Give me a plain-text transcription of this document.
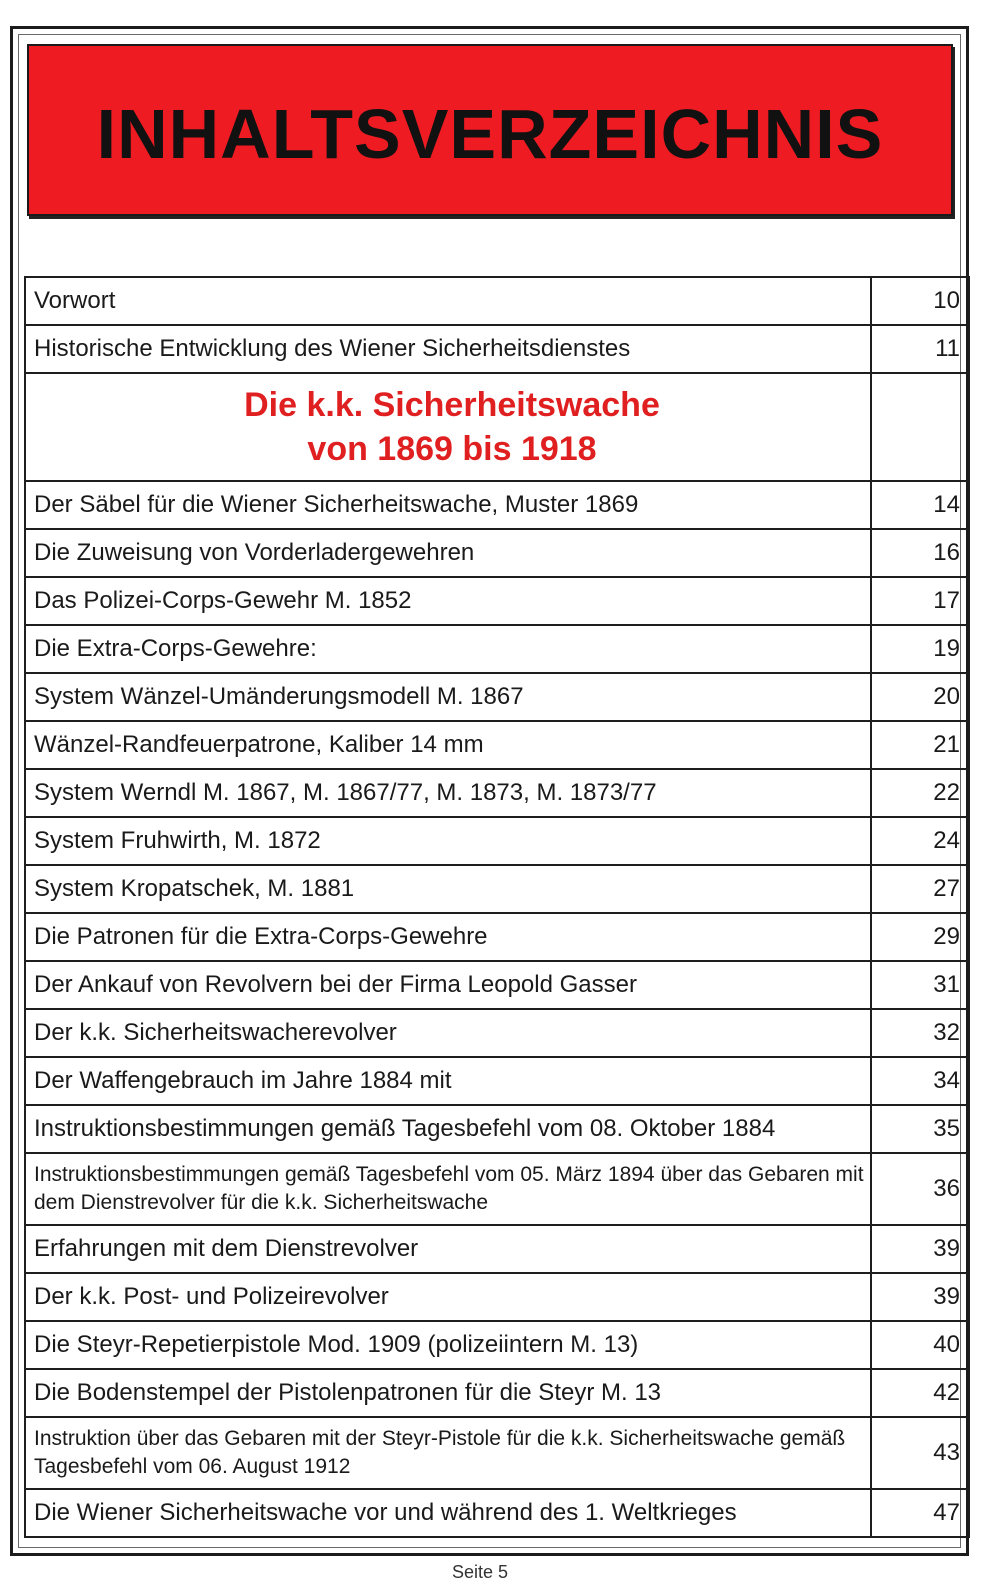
INHALTSVERZEICHNIS
Vorwort	10
Historische Entwicklung des Wiener Sicherheitsdienstes	11

Die k.k. Sicherheitswache
von 1869 bis 1918	

Der Säbel für die Wiener Sicherheitswache, Muster 1869	14
Die Zuweisung von Vorderladergewehren	16
Das Polizei-Corps-Gewehr M. 1852	17
Die Extra-Corps-Gewehre:	19
System Wänzel-Umänderungsmodell M. 1867	20
Wänzel-Randfeuerpatrone, Kaliber 14 mm	21
System Werndl M. 1867, M. 1867/77, M. 1873, M. 1873/77	22
System Fruhwirth, M. 1872	24
System Kropatschek, M. 1881	27
Die Patronen für die Extra-Corps-Gewehre	29
Der Ankauf von Revolvern bei der Firma Leopold Gasser	31
Der k.k. Sicherheitswacherevolver	32
Der Waffengebrauch im Jahre 1884 mit	34
Instruktionsbestimmungen gemäß Tagesbefehl vom 08. Oktober 1884	35
Instruktionsbestimmungen gemäß Tagesbefehl vom 05. März 1894 über das Gebaren mit dem Dienstrevolver für die k.k. Sicherheitswache	36
Erfahrungen mit dem Dienstrevolver	39
Der k.k. Post- und Polizeirevolver	39
Die Steyr-Repetierpistole Mod. 1909 (polizeiintern M. 13)	40
Die Bodenstempel der Pistolenpatronen für die Steyr M. 13	42
Instruktion über das Gebaren mit der Steyr-Pistole für die k.k. Sicherheitswache gemäß Tagesbefehl vom 06. August 1912	43
Die Wiener Sicherheitswache vor und während des 1. Weltkrieges	47
Seite 5
